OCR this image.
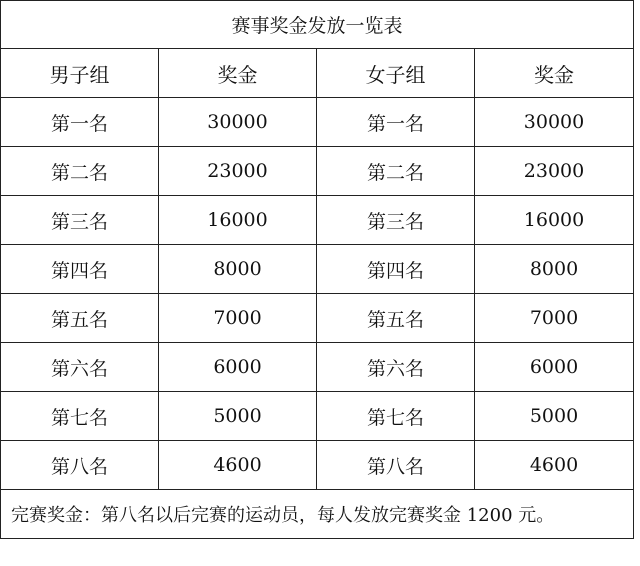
赛事奖金发放一览表			
男子组	奖金	女子组	奖金
第一名	30000	第一名	30000
第二名	23000	第二名	23000
第三名	16000	第三名	16000
第四名	8000	第四名	8000
第五名	7000	第五名	7000
第六名	6000	第六名	6000
第七名	5000	第七名	5000
第八名	4600	第八名	4600
完赛奖金：第八名以后完赛的运动员，每人发放完赛奖金 1200 元。			
